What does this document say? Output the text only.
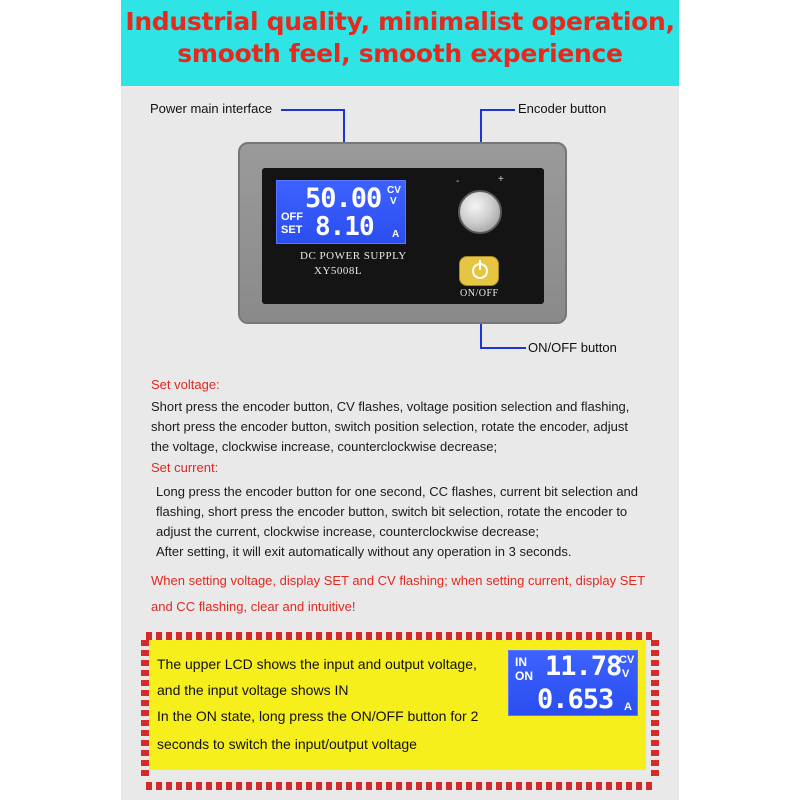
Industrial quality, minimalist operation,
smooth feel, smooth experience
Power main interface	Encoder button
ON/OFF button
50.00 CV
V
OFF
SET 8.10 A
DC POWER SUPPLY
XY5008L
-	+
ON/OFF
Set voltage:
Short press the encoder button, CV flashes, voltage position selection and flashing,
short press the encoder button, switch position selection, rotate the encoder, adjust
the voltage, clockwise increase, counterclockwise decrease;
Set current:
Long press the encoder button for one second, CC flashes, current bit selection and
flashing, short press the encoder button, switch bit selection, rotate the encoder to
adjust the current, clockwise increase, counterclockwise decrease;
After setting, it will exit automatically without any operation in 3 seconds.
When setting voltage, display SET and CV flashing; when setting current, display SET
and CC flashing, clear and intuitive!
The upper LCD shows the input and output voltage,
and the input voltage shows IN
In the ON state, long press the ON/OFF button for 2
seconds to switch the input/output voltage
IN
ON 11.78
CV
V
0.653 A
